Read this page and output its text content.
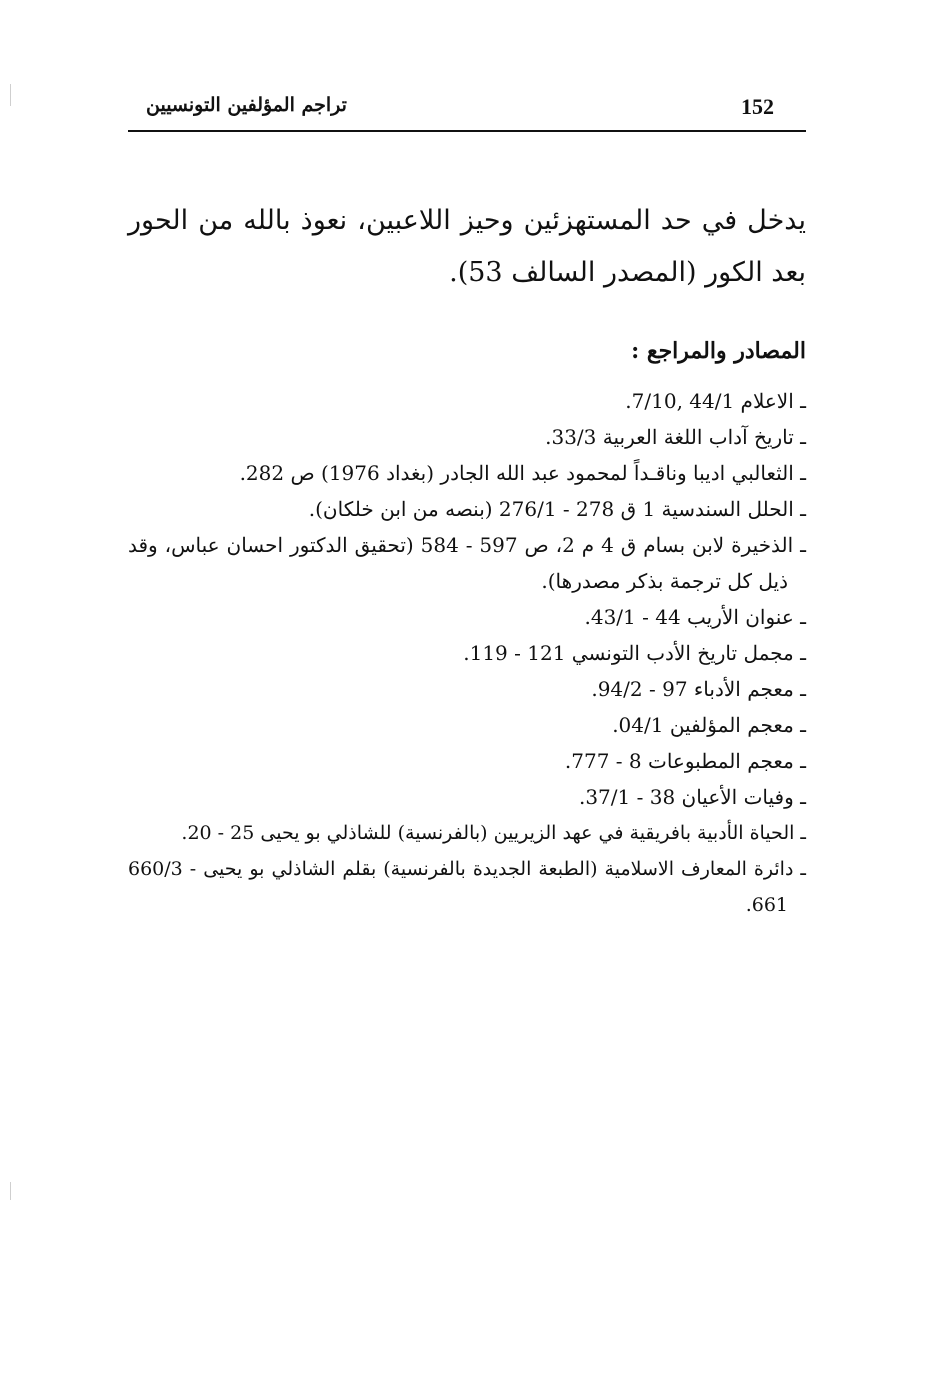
152
تراجم المؤلفين التونسيين

يدخل في حد المستهزئين وحيز اللاعبين، نعوذ بالله من الحور بعد الكور (المصدر السالف 53).

المصادر والمراجع :
ـ الاعلام ‎7/10, 44/1‏.
ـ تاريخ آداب اللغة العربية ‎33/3‏.
ـ الثعالبي اديبا وناقـداً لمحمود عبد الله الجادر (بغداد 1976) ص 282.
ـ الحلل السندسية 1 ق ‎276/1 - 278‏ (بنصه من ابن خلكان).
ـ الذخيرة لابن بسام ق 4 م 2، ص ‎584 - 597‏ (تحقيق الدكتور احسان عباس، وقد ذيل كل ترجمة بذكر مصدرها).
ـ عنوان الأريب ‎43/1 - 44‏.
ـ مجمل تاريخ الأدب التونسي ‎119 - 121‏.
ـ معجم الأدباء ‎94/2 - 97‏.
ـ معجم المؤلفين ‎04/1‏.
ـ معجم المطبوعات ‎777 - 8‏.
ـ وفيات الأعيان ‎37/1 - 38‏.
ـ الحياة الأدبية بافريقية في عهد الزيريين (بالفرنسية) للشاذلي بو يحيى ‎20 - 25‏.
ـ دائرة المعارف الاسلامية (الطبعة الجديدة بالفرنسية) بقلم الشاذلي بو يحيى ‎660/3 - 661‏.
